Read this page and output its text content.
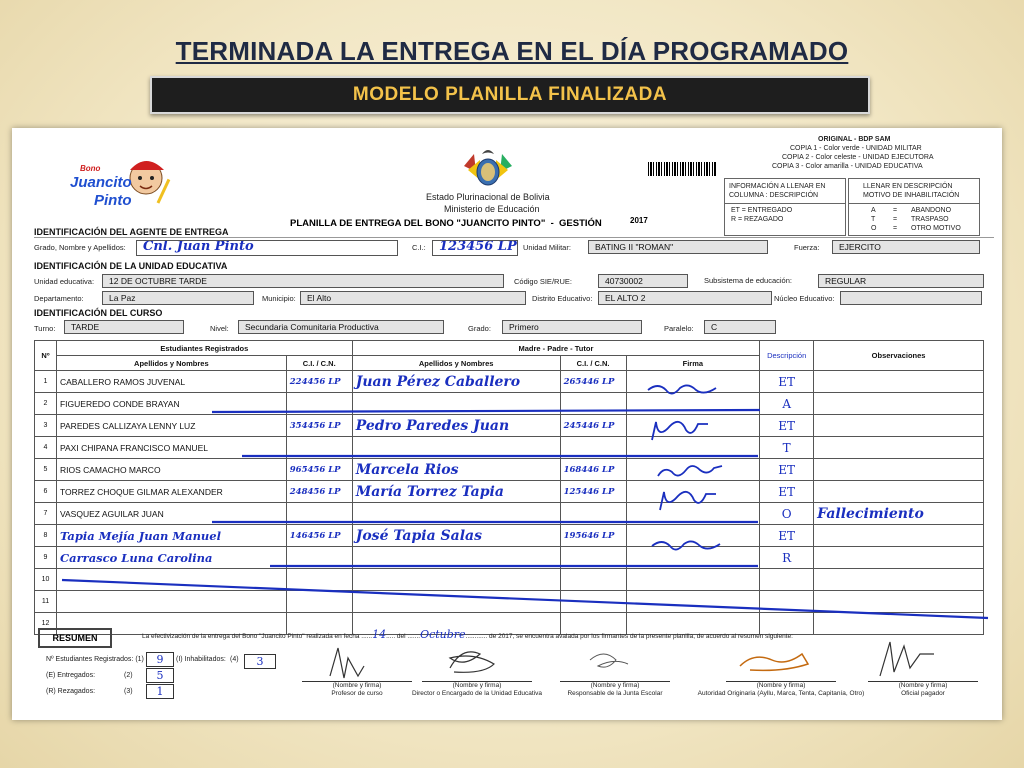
TERMINADA LA ENTREGA EN EL DÍA PROGRAMADO
MODELO PLANILLA FINALIZADA
Bono
Juancito
Pinto	Estado Plurinacional de Bolivia
Ministerio de Educación
ORIGINAL - BDP SAM
COPIA 1 - Color verde - UNIDAD MILITAR
COPIA 2 - Color celeste - UNIDAD EJECUTORA
COPIA 3 - Color amarilla - UNIDAD EDUCATIVA
INFORMACIÓN A LLENAR EN
COLUMNA : DESCRIPCIÓN
ET = ENTREGADO
R = REZAGADO
LLENAR EN DESCRIPCIÓN
MOTIVO DE INHABILITACIÓN
A = ABANDONO
T	= TRASPASO
O = OTRO MOTIVO
PLANILLA DE ENTREGA DEL BONO "JUANCITO PINTO"  -  GESTIÓN	2017
IDENTIFICACIÓN DEL AGENTE DE ENTREGA
Grado, Nombre y Apellidos:	Cnl. Juan Pinto	C.I.:	123456 LP Unidad Militar:	BATING II "ROMAN"	Fuerza:	EJERCITO
IDENTIFICACIÓN DE LA UNIDAD EDUCATIVA
Unidad educativa:	12 DE OCTUBRE TARDE	Código SIE/RUE:	40730002	Subsistema de educación:	REGULAR
Departamento:	La Paz	Municipio:	El Alto	Distrito Educativo:	EL ALTO 2	Núcleo Educativo:
IDENTIFICACIÓN DEL CURSO
Turno:	TARDE	Nivel:	Secundaria Comunitaria Productiva	Grado:	Primero	Paralelo:	C
Nº	Estudiantes Registrados		Madre - Padre - Tutor			Descripción	Observaciones
	Apellidos y Nombres	C.I. / C.N.	Apellidos y Nombres	C.I. / C.N.	Firma		
1	CABALLERO RAMOS JUVENAL	224456 LP	Juan Pérez Caballero	265446 LP		ET	
2	FIGUEREDO CONDE BRAYAN					A	
3	PAREDES CALLIZAYA LENNY LUZ	354456 LP	Pedro Paredes Juan	245446 LP		ET	
4	PAXI CHIPANA FRANCISCO MANUEL					T	
5	RIOS CAMACHO MARCO	965456 LP	Marcela Rios	168446 LP		ET	
6	TORREZ CHOQUE GILMAR ALEXANDER	248456 LP	María Torrez Tapia	125446 LP		ET	
7	VASQUEZ AGUILAR JUAN					O	Fallecimiento
8	Tapia Mejía Juan Manuel	146456 LP	José Tapia Salas	195646 LP		ET	
9	Carrasco Luna Carolina					R	
10							
11							
12							
RESUMEN	La efectivización de la entrega del Bono "Juancito Pinto" realizada en fecha ......14..... del .......Octubre............ de 2017, se encuentra avalada por los firmantes de la presente planilla, de acuerdo al resumen siguiente:
Nº Estudiantes Registrados: (1)	9	(I) Inhabilitados: (4)	3
(E) Entregados:	(2)	5
(R) Rezagados:	(3)	1	(Nombre y firma)
Profesor de curso
(Nombre y firma)
Director o Encargado de la Unidad Educativa
(Nombre y firma)
Responsable de la Junta Escolar
(Nombre y firma)
Autoridad Originaria (Ayllu, Marca, Tenta, Capitanía, Otro)
(Nombre y firma)
Oficial pagador
